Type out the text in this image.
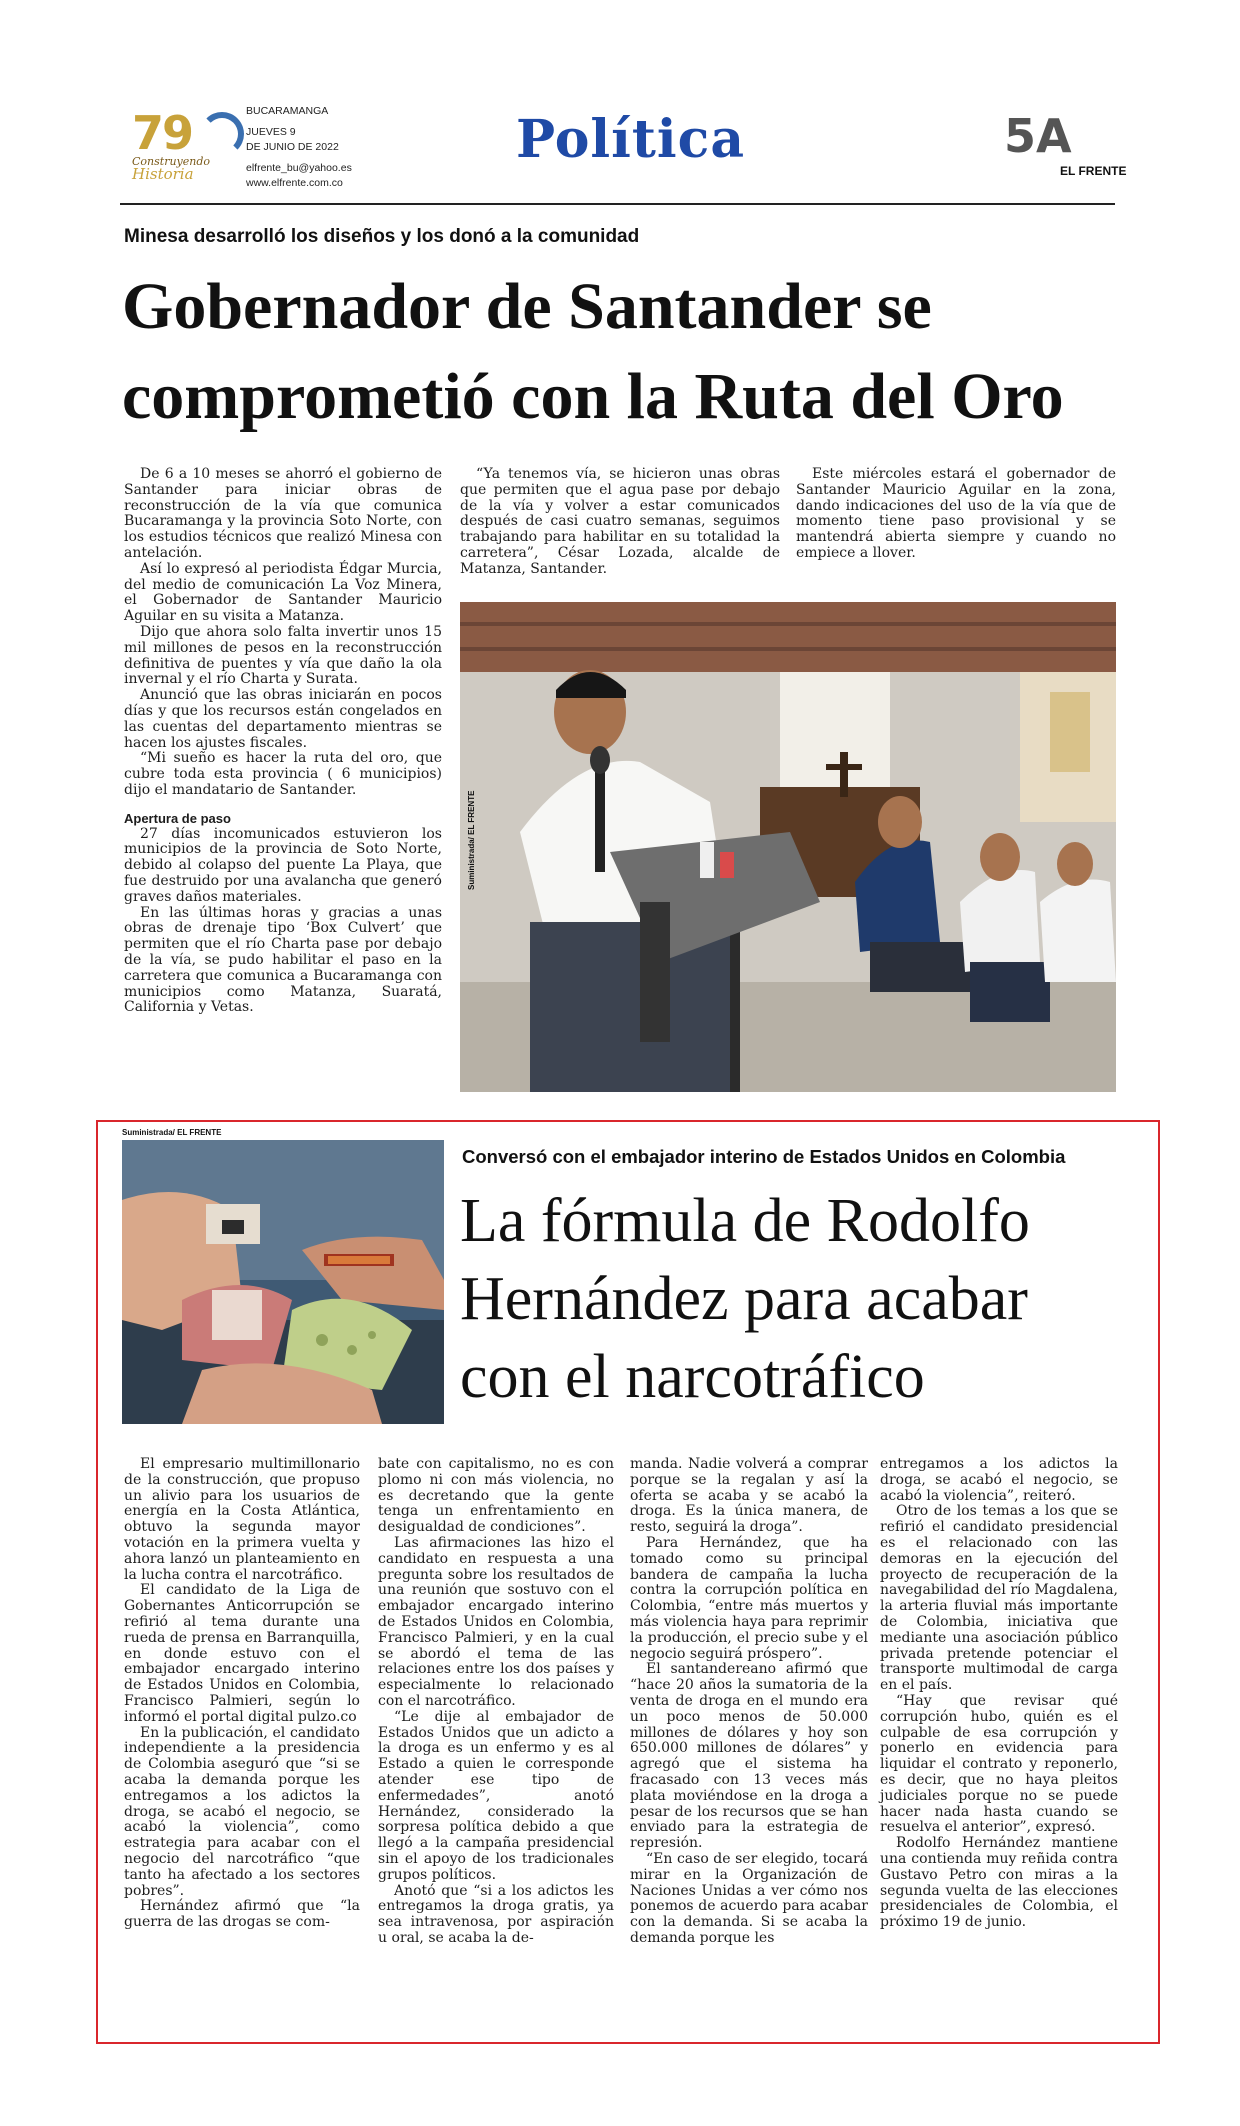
79
Construyendo
Historia
BUCARAMANGA
JUEVES 9
DE JUNIO DE 2022
elfrente_bu@yahoo.es
www.elfrente.com.co
Política	5A
EL FRENTE
Minesa desarrolló los diseños y los donó a la comunidad
Gobernador de Santander se
comprometió con la Ruta del Oro

De 6 a 10 meses se ahorró el gobierno de Santander para iniciar obras de reconstrucción de la vía que comunica Bucaramanga y la provincia Soto Norte, con los estudios técnicos que realizó Minesa con antelación.

Así lo expresó al periodista Édgar Murcia, del medio de comunicación La Voz Minera, el Gobernador de Santander Mauricio Aguilar en su visita a Matanza.

Dijo que ahora solo falta invertir unos 15 mil millones de pesos en la reconstrucción definitiva de puentes y vía que daño la ola invernal y el río Charta y Surata.

Anunció que las obras iniciarán en pocos días y que los recursos están congelados en las cuentas del departamento mientras se hacen los ajustes fiscales.

“Mi sueño es hacer la ruta del oro, que cubre toda esta provincia ( 6 municipios) dijo el mandatario de Santander.

Apertura de paso

27 días incomunicados estuvieron los municipios de la provincia de Soto Norte, debido al colapso del puente La Playa, que fue destruido por una avalancha que generó graves daños materiales.

En las últimas horas y gracias a unas obras de drenaje tipo ‘Box Culvert’ que permiten que el río Charta pase por debajo de la vía, se pudo habilitar el paso en la carretera que comunica a Bucaramanga con municipios como Matanza, Suaratá, California y Vetas.

“Ya tenemos vía, se hicieron unas obras que permiten que el agua pase por debajo de la vía y volver a estar comunicados después de casi cuatro semanas, seguimos trabajando para habilitar en su totalidad la carretera”, César Lozada, alcalde de Matanza, Santander.

Este miércoles estará el gobernador de Santander Mauricio Aguilar en la zona, dando indicaciones del uso de la vía que de momento tiene paso provisional y se mantendrá abierta siempre y cuando no empiece a llover.

Suministrada/ EL FRENTE
Suministrada/ EL FRENTE
Conversó con el embajador interino de Estados Unidos en Colombia
La fórmula de Rodolfo
Hernández para acabar
con el narcotráfico

El empresario multimillonario de la construcción, que propuso un alivio para los usuarios de energía en la Costa Atlántica, obtuvo la segunda mayor votación en la primera vuelta y ahora lanzó un planteamiento en la lucha contra el narcotráfico.

El candidato de la Liga de Gobernantes Anticorrupción se refirió al tema durante una rueda de prensa en Barranquilla, en donde estuvo con el embajador encargado interino de Estados Unidos en Colombia, Francisco Palmieri, según lo informó el portal digital pulzo.co

En la publicación, el candidato independiente a la presidencia de Colombia aseguró que “si se acaba la demanda porque les entregamos a los adictos la droga, se acabó el negocio, se acabó la violencia”, como estrategia para acabar con el negocio del narcotráfico “que tanto ha afectado a los sectores pobres”.

Hernández afirmó que “la guerra de las drogas se com-

bate con capitalismo, no es con plomo ni con más violencia, no es decretando que la gente tenga un enfrentamiento en desigualdad de condiciones”.

Las afirmaciones las hizo el candidato en respuesta a una pregunta sobre los resultados de una reunión que sostuvo con el embajador encargado interino de Estados Unidos en Colombia, Francisco Palmieri, y en la cual se abordó el tema de las relaciones entre los dos países y especialmente lo relacionado con el narcotráfico.

“Le dije al embajador de Estados Unidos que un adicto a la droga es un enfermo y es al Estado a quien le corresponde atender ese tipo de enfermedades”, anotó Hernández, considerado la sorpresa política debido a que llegó a la campaña presidencial sin el apoyo de los tradicionales grupos políticos.

Anotó que “si a los adictos les entregamos la droga gratis, ya sea intravenosa, por aspiración u oral, se acaba la de-

manda. Nadie volverá a comprar porque se la regalan y así la oferta se acaba y se acabó la droga. Es la única manera, de resto, seguirá la droga”.

Para Hernández, que ha tomado como su principal bandera de campaña la lucha contra la corrupción política en Colombia, “entre más muertos y más violencia haya para reprimir la producción, el precio sube y el negocio seguirá próspero”.

El santandereano afirmó que “hace 20 años la sumatoria de la venta de droga en el mundo era un poco menos de 50.000 millones de dólares y hoy son 650.000 millones de dólares” y agregó que el sistema ha fracasado con 13 veces más plata moviéndose en la droga a pesar de los recursos que se han enviado para la estrategia de represión.

“En caso de ser elegido, tocará mirar en la Organización de Naciones Unidas a ver cómo nos ponemos de acuerdo para acabar con la demanda. Si se acaba la demanda porque les

entregamos a los adictos la droga, se acabó el negocio, se acabó la violencia”, reiteró.

Otro de los temas a los que se refirió el candidato presidencial es el relacionado con las demoras en la ejecución del proyecto de recuperación de la navegabilidad del río Magdalena, la arteria fluvial más importante de Colombia, iniciativa que mediante una asociación público privada pretende potenciar el transporte multimodal de carga en el país.

“Hay que revisar qué corrupción hubo, quién es el culpable de esa corrupción y ponerlo en evidencia para liquidar el contrato y reponerlo, es decir, que no haya pleitos judiciales porque no se puede hacer nada hasta cuando se resuelva el anterior”, expresó.

Rodolfo Hernández mantiene una contienda muy reñida contra Gustavo Petro con miras a la segunda vuelta de las elecciones presidenciales de Colombia, el próximo 19 de junio.
